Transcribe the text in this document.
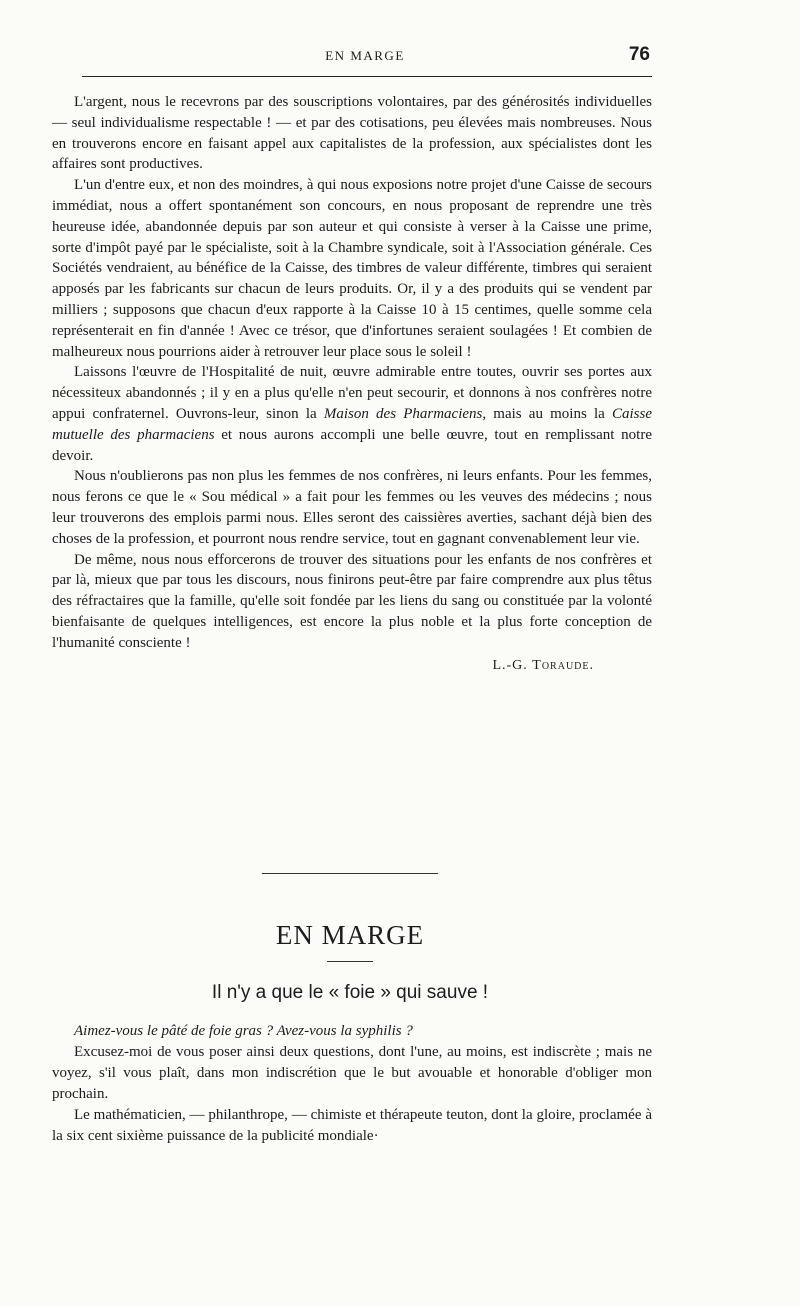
EN MARGE	76

L'argent, nous le recevrons par des souscriptions volontaires, par des générosités individuelles — seul individualisme respectable ! — et par des cotisations, peu élevées mais nombreuses. Nous en trouverons encore en faisant appel aux capitalistes de la profession, aux spécialistes dont les affaires sont productives.

L'un d'entre eux, et non des moindres, à qui nous exposions notre projet d'une Caisse de secours immédiat, nous a offert spontanément son concours, en nous proposant de reprendre une très heureuse idée, abandonnée depuis par son auteur et qui consiste à verser à la Caisse une prime, sorte d'impôt payé par le spécialiste, soit à la Chambre syndicale, soit à l'Association générale. Ces Sociétés vendraient, au bénéfice de la Caisse, des timbres de valeur différente, timbres qui seraient apposés par les fabricants sur chacun de leurs produits. Or, il y a des produits qui se vendent par milliers ; supposons que chacun d'eux rapporte à la Caisse 10 à 15 centimes, quelle somme cela représenterait en fin d'année ! Avec ce trésor, que d'infortunes seraient soulagées ! Et combien de malheureux nous pourrions aider à retrouver leur place sous le soleil !

Laissons l'œuvre de l'Hospitalité de nuit, œuvre admirable entre toutes, ouvrir ses portes aux nécessiteux abandonnés ; il y en a plus qu'elle n'en peut secourir, et donnons à nos confrères notre appui confraternel. Ouvrons-leur, sinon la Maison des Pharmaciens, mais au moins la Caisse mutuelle des pharmaciens et nous aurons accompli une belle œuvre, tout en remplissant notre devoir.

Nous n'oublierons pas non plus les femmes de nos confrères, ni leurs enfants. Pour les femmes, nous ferons ce que le « Sou médical » a fait pour les femmes ou les veuves des médecins ; nous leur trouverons des emplois parmi nous. Elles seront des caissières averties, sachant déjà bien des choses de la profession, et pourront nous rendre service, tout en gagnant convenablement leur vie.

De même, nous nous efforcerons de trouver des situations pour les enfants de nos confrères et par là, mieux que par tous les discours, nous finirons peut-être par faire comprendre aux plus têtus des réfractaires que la famille, qu'elle soit fondée par les liens du sang ou constituée par la volonté bienfaisante de quelques intelligences, est encore la plus noble et la plus forte conception de l'humanité consciente !

L.-G. Toraude.
EN MARGE
Il n'y a que le « foie » qui sauve !

Aimez-vous le pâté de foie gras ? Avez-vous la syphilis ?

Excusez-moi de vous poser ainsi deux questions, dont l'une, au moins, est indiscrète ; mais ne voyez, s'il vous plaît, dans mon indiscrétion que le but avouable et honorable d'obliger mon prochain.

Le mathématicien, — philanthrope, — chimiste et thérapeute teuton, dont la gloire, proclamée à la six cent sixième puissance de la publicité mondiale·
